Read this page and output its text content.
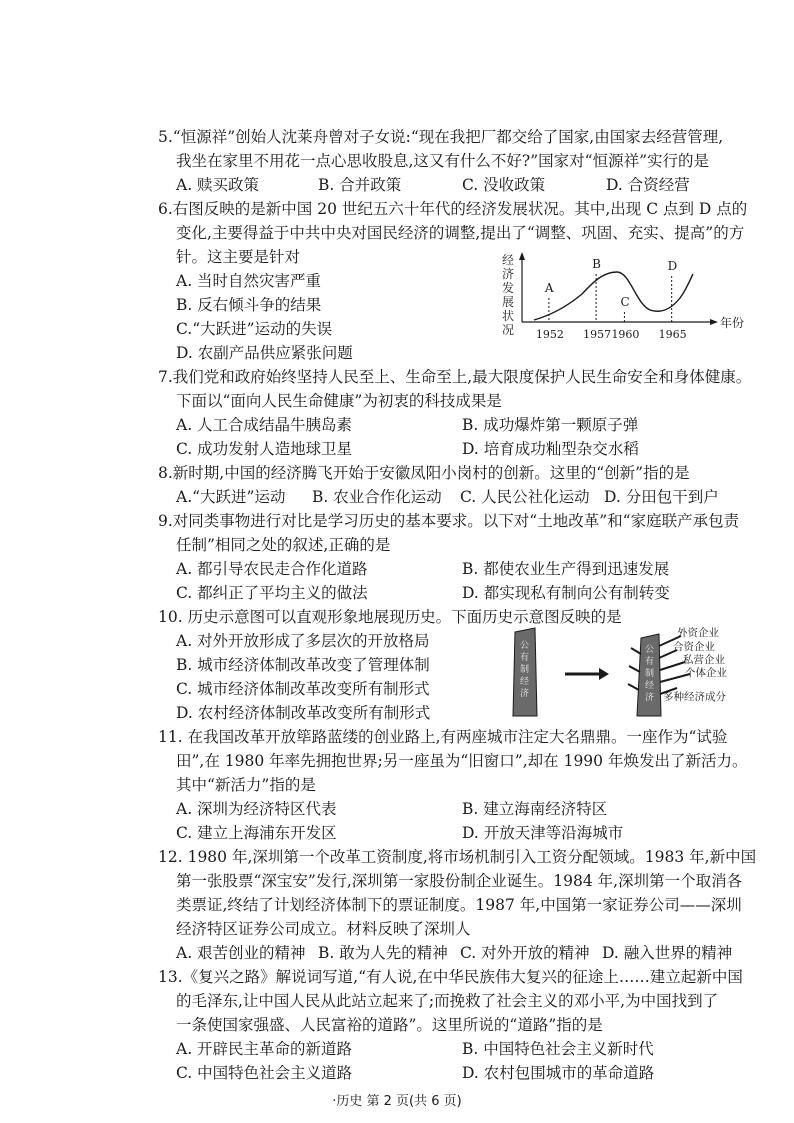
5.“恒源祥”创始人沈莱舟曾对子女说:“现在我把厂都交给了国家,由国家去经营管理,
我坐在家里不用花一点心思收股息,这又有什么不好?”国家对“恒源祥”实行的是
A. 赎买政策	B. 合并政策	C. 没收政策	D. 合资经营
6.右图反映的是新中国 20 世纪五六十年代的经济发展状况。其中,出现 C 点到 D 点的
变化,主要得益于中共中央对国民经济的调整,提出了“调整、巩固、充实、提高”的方
针。这主要是针对
A. 当时自然灾害严重
B. 反右倾斗争的结果
C.“大跃进”运动的失误
D. 农副产品供应紧张问题
经
济
发
展
状
况	年份
A
B
C
D
1952 1957 1960 1965
7.我们党和政府始终坚持人民至上、生命至上,最大限度保护人民生命安全和身体健康。
下面以“面向人民生命健康”为初衷的科技成果是
A. 人工合成结晶牛胰岛素	B. 成功爆炸第一颗原子弹
C. 成功发射人造地球卫星	D. 培育成功籼型杂交水稻
8.新时期,中国的经济腾飞开始于安徽凤阳小岗村的创新。这里的“创新”指的是
A.“大跃进”运动 B. 农业合作化运动 C. 人民公社化运动 D. 分田包干到户
9.对同类事物进行对比是学习历史的基本要求。以下对“土地改革”和“家庭联产承包责
任制”相同之处的叙述,正确的是
A. 都引导农民走合作化道路	B. 都使农业生产得到迅速发展
C. 都纠正了平均主义的做法	D. 都实现私有制向公有制转变
10. 历史示意图可以直观形象地展现历史。下面历史示意图反映的是
A. 对外开放形成了多层次的开放格局
B. 城市经济体制改革改变了管理体制
C. 城市经济体制改革改变所有制形式
D. 农村经济体制改革改变所有制形式
公
有
制
经
济
公
有
制
经
济
外资企业
合资企业
私营企业
个体企业
多种经济成分
11. 在我国改革开放筚路蓝缕的创业路上,有两座城市注定大名鼎鼎。一座作为“试验
田”,在 1980 年率先拥抱世界;另一座虽为“旧窗口”,却在 1990 年焕发出了新活力。
其中“新活力”指的是
A. 深圳为经济特区代表	B. 建立海南经济特区
C. 建立上海浦东开发区	D. 开放天津等沿海城市
12. 1980 年,深圳第一个改革工资制度,将市场机制引入工资分配领域。1983 年,新中国
第一张股票“深宝安”发行,深圳第一家股份制企业诞生。1984 年,深圳第一个取消各
类票证,终结了计划经济体制下的票证制度。1987 年,中国第一家证券公司——深圳
经济特区证券公司成立。材料反映了深圳人
A. 艰苦创业的精神 B. 敢为人先的精神 C. 对外开放的精神 D. 融入世界的精神
13.《复兴之路》解说词写道,“有人说,在中华民族伟大复兴的征途上……建立起新中国
的毛泽东,让中国人民从此站立起来了;而挽救了社会主义的邓小平,为中国找到了
一条使国家强盛、人民富裕的道路”。这里所说的“道路”指的是
A. 开辟民主革命的新道路	B. 中国特色社会主义新时代
C. 中国特色社会主义道路	D. 农村包围城市的革命道路
·历史 第 2 页(共 6 页)
